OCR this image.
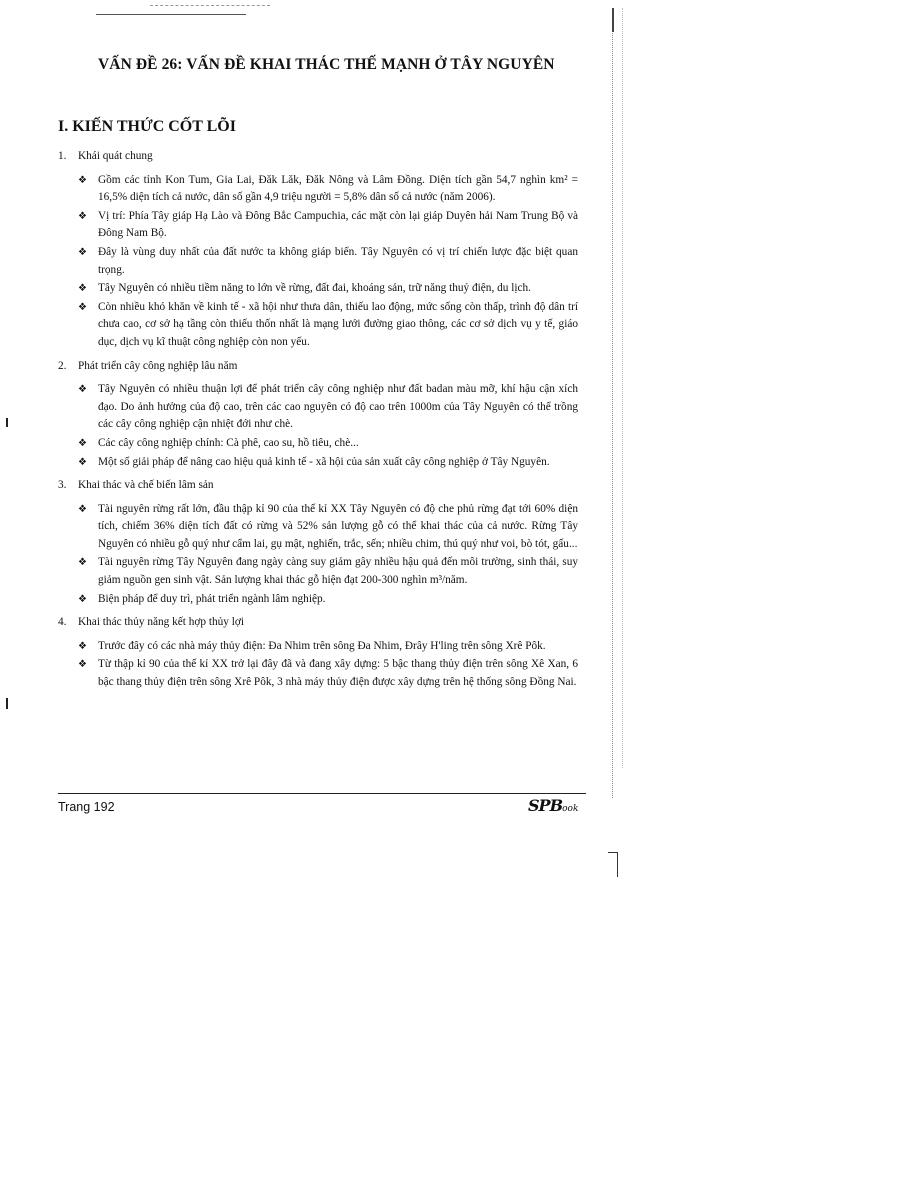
VẤN ĐỀ 26: VẤN ĐỀ KHAI THÁC THẾ MẠNH Ở TÂY NGUYÊN
I. KIẾN THỨC CỐT LÕI
1.	Khái quát chung
❖ Gồm các tỉnh Kon Tum, Gia Lai, Đăk Lăk, Đăk Nông và Lâm Đồng. Diện tích gần 54,7 nghìn km² = 16,5% diện tích cả nước, dân số gần 4,9 triệu người = 5,8% dân số cả nước (năm 2006).
❖ Vị trí: Phía Tây giáp Hạ Lào và Đông Bắc Campuchia, các mặt còn lại giáp Duyên hải Nam Trung Bộ và Đông Nam Bộ.
❖ Đây là vùng duy nhất của đất nước ta không giáp biển. Tây Nguyên có vị trí chiến lược đặc biệt quan trọng.
❖ Tây Nguyên có nhiều tiềm năng to lớn về rừng, đất đai, khoáng sản, trữ năng thuỷ điện, du lịch.
❖ Còn nhiều khó khăn về kinh tế - xã hội như thưa dân, thiếu lao động, mức sống còn thấp, trình độ dân trí chưa cao, cơ sở hạ tầng còn thiếu thốn nhất là mạng lưới đường giao thông, các cơ sở dịch vụ y tế, giáo dục, dịch vụ kĩ thuật công nghiệp còn non yếu.
2.	Phát triển cây công nghiệp lâu năm
❖ Tây Nguyên có nhiều thuận lợi để phát triển cây công nghiệp như đất badan màu mỡ, khí hậu cận xích đạo. Do ảnh hưởng của độ cao, trên các cao nguyên có độ cao trên 1000m của Tây Nguyên có thể trồng các cây công nghiệp cận nhiệt đới như chè.
❖ Các cây công nghiệp chính: Cà phê, cao su, hồ tiêu, chè...
❖ Một số giải pháp để nâng cao hiệu quả kinh tế - xã hội của sản xuất cây công nghiệp ở Tây Nguyên.
3.	Khai thác và chế biến lâm sản
❖ Tài nguyên rừng rất lớn, đầu thập kỉ 90 của thế kỉ XX Tây Nguyên có độ che phủ rừng đạt tới 60% diện tích, chiếm 36% diện tích đất có rừng và 52% sản lượng gỗ có thể khai thác của cả nước. Rừng Tây Nguyên có nhiều gỗ quý như cẩm lai, gụ mật, nghiến, trắc, sến; nhiều chim, thú quý như voi, bò tót, gấu...
❖ Tài nguyên rừng Tây Nguyên đang ngày càng suy giảm gây nhiều hậu quả đến môi trường, sinh thái, suy giảm nguồn gen sinh vật. Sản lượng khai thác gỗ hiện đạt 200-300 nghìn m³/năm.
❖ Biện pháp để duy trì, phát triển ngành lâm nghiệp.
4.	Khai thác thủy năng kết hợp thủy lợi
❖ Trước đây có các nhà máy thủy điện: Đa Nhim trên sông Đa Nhim, Đrây H'ling trên sông Xrê Pôk.
❖ Từ thập kỉ 90 của thế kỉ XX trở lại đây đã và đang xây dựng: 5 bậc thang thủy điện trên sông Xê Xan, 6 bậc thang thủy điện trên sông Xrê Pôk, 3 nhà máy thủy điện được xây dựng trên hệ thống sông Đồng Nai.
Trang 192	SPBook
